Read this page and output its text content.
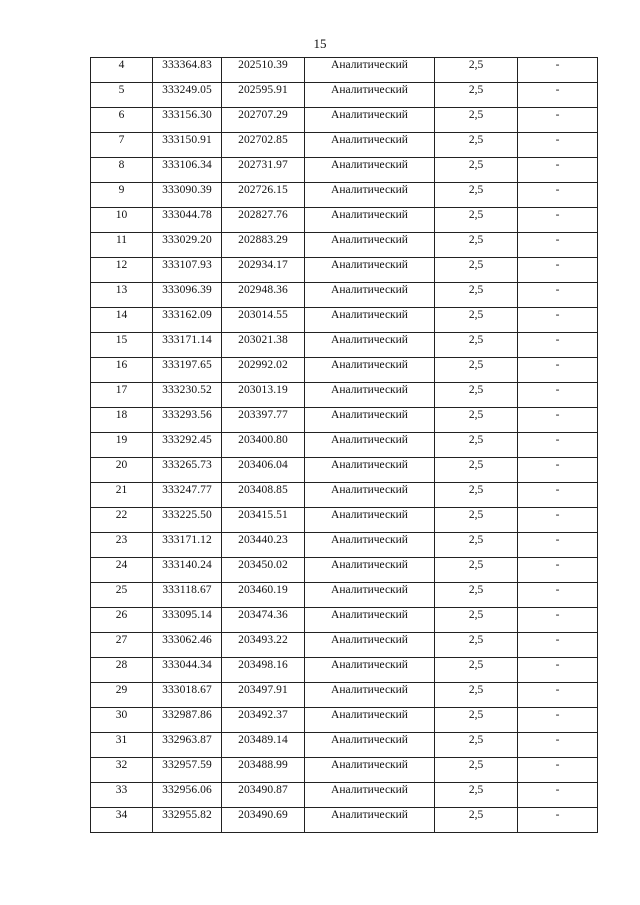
15
4	333364.83	202510.39	Аналитический	2,5	-

5	333249.05	202595.91	Аналитический	2,5	-

6	333156.30	202707.29	Аналитический	2,5	-

7	333150.91	202702.85	Аналитический	2,5	-

8	333106.34	202731.97	Аналитический	2,5	-

9	333090.39	202726.15	Аналитический	2,5	-

10	333044.78	202827.76	Аналитический	2,5	-

11	333029.20	202883.29	Аналитический	2,5	-

12	333107.93	202934.17	Аналитический	2,5	-

13	333096.39	202948.36	Аналитический	2,5	-

14	333162.09	203014.55	Аналитический	2,5	-

15	333171.14	203021.38	Аналитический	2,5	-

16	333197.65	202992.02	Аналитический	2,5	-

17	333230.52	203013.19	Аналитический	2,5	-

18	333293.56	203397.77	Аналитический	2,5	-

19	333292.45	203400.80	Аналитический	2,5	-

20	333265.73	203406.04	Аналитический	2,5	-

21	333247.77	203408.85	Аналитический	2,5	-

22	333225.50	203415.51	Аналитический	2,5	-

23	333171.12	203440.23	Аналитический	2,5	-

24	333140.24	203450.02	Аналитический	2,5	-

25	333118.67	203460.19	Аналитический	2,5	-

26	333095.14	203474.36	Аналитический	2,5	-

27	333062.46	203493.22	Аналитический	2,5	-

28	333044.34	203498.16	Аналитический	2,5	-

29	333018.67	203497.91	Аналитический	2,5	-

30	332987.86	203492.37	Аналитический	2,5	-

31	332963.87	203489.14	Аналитический	2,5	-

32	332957.59	203488.99	Аналитический	2,5	-

33	332956.06	203490.87	Аналитический	2,5	-

34	332955.82	203490.69	Аналитический	2,5	-
